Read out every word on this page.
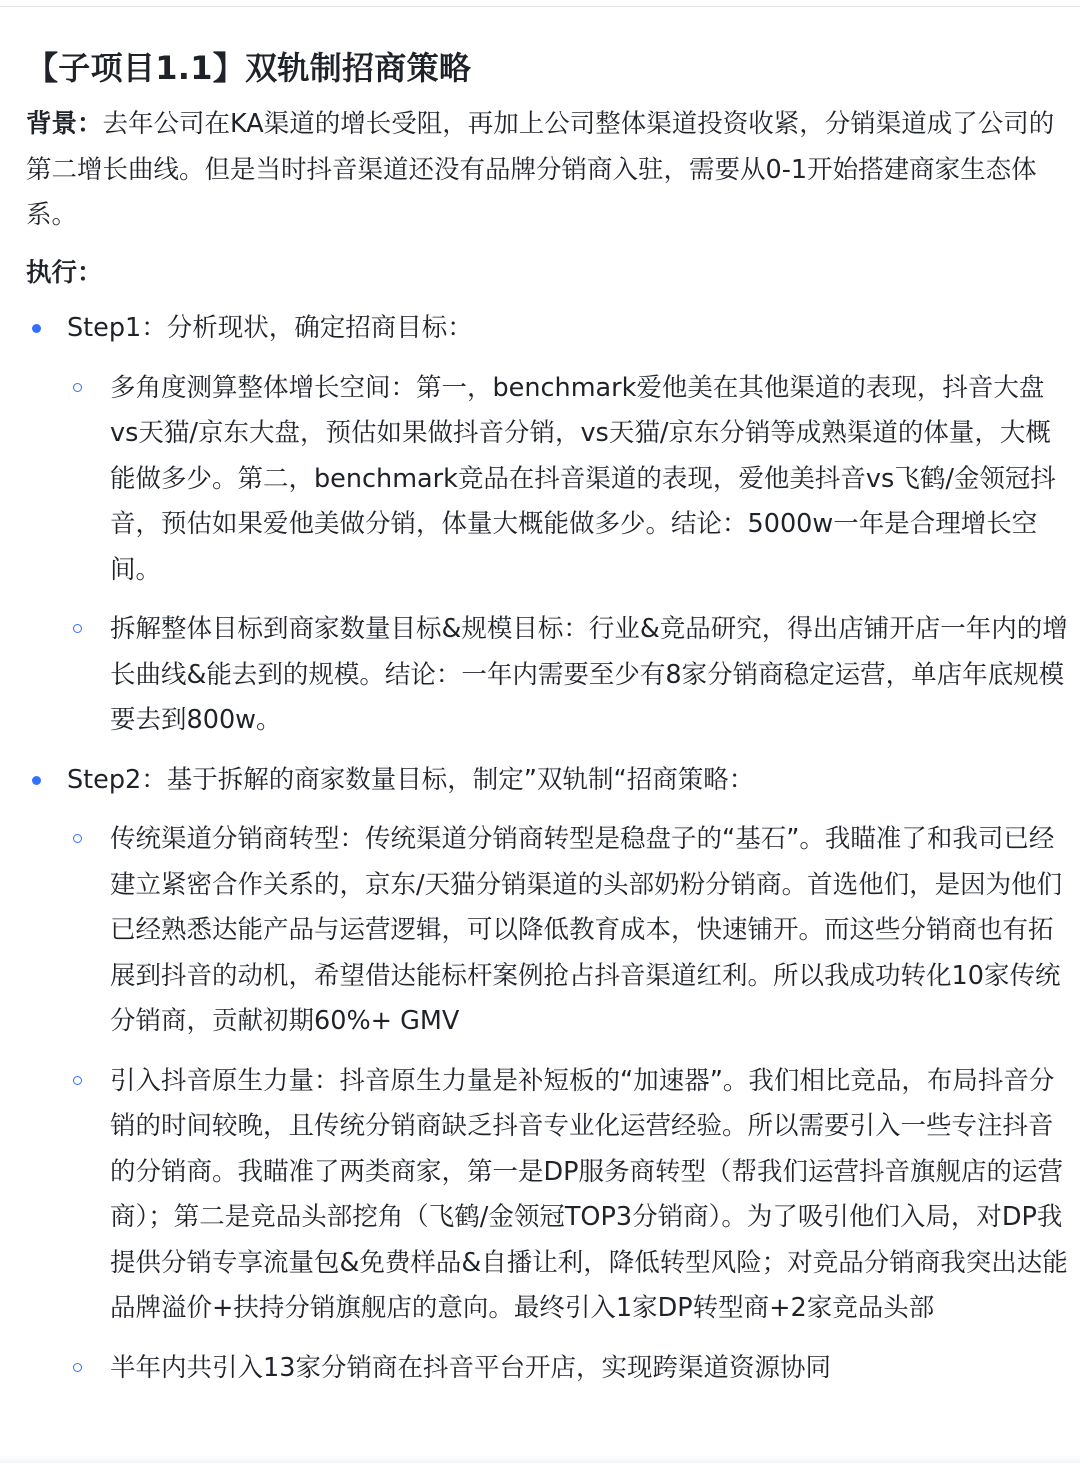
【子项目1.1】双轨制招商策略

背景：去年公司在KA渠道的增长受阻，再加上公司整体渠道投资收紧，分销渠道成了公司的第二增长曲线。但是当时抖音渠道还没有品牌分销商入驻，需要从0-1开始搭建商家生态体系。

执行：
Step1：分析现状，确定招商目标：
多角度测算整体增长空间：第一，benchmark爱他美在其他渠道的表现，抖音大盘vs天猫/京东大盘，预估如果做抖音分销，vs天猫/京东分销等成熟渠道的体量，大概能做多少。第二，benchmark竞品在抖音渠道的表现，爱他美抖音vs飞鹤/金领冠抖音，预估如果爱他美做分销，体量大概能做多少。结论：5000w一年是合理增长空间。
拆解整体目标到商家数量目标&规模目标：行业&竞品研究，得出店铺开店一年内的增长曲线&能去到的规模。结论：一年内需要至少有8家分销商稳定运营，单店年底规模要去到800w。
Step2：基于拆解的商家数量目标，制定”双轨制“招商策略：
传统渠道分销商转型：传统渠道分销商转型是稳盘子的“基石”。我瞄准了和我司已经建立紧密合作关系的，京东/天猫分销渠道的头部奶粉分销商。首选他们，是因为他们已经熟悉达能产品与运营逻辑，可以降低教育成本，快速铺开。而这些分销商也有拓展到抖音的动机，希望借达能标杆案例抢占抖音渠道红利。所以我成功转化10家传统分销商，贡献初期60%+ GMV
引入抖音原生力量：抖音原生力量是补短板的“加速器”。我们相比竞品，布局抖音分销的时间较晚，且传统分销商缺乏抖音专业化运营经验。所以需要引入一些专注抖音的分销商。我瞄准了两类商家，第一是DP服务商转型（帮我们运营抖音旗舰店的运营商）；第二是竞品头部挖角（飞鹤/金领冠TOP3分销商）。为了吸引他们入局，对DP我提供分销专享流量包&免费样品&自播让利，降低转型风险；对竞品分销商我突出达能品牌溢价+扶持分销旗舰店的意向。最终引入1家DP转型商+2家竞品头部
半年内共引入13家分销商在抖音平台开店，实现跨渠道资源协同
